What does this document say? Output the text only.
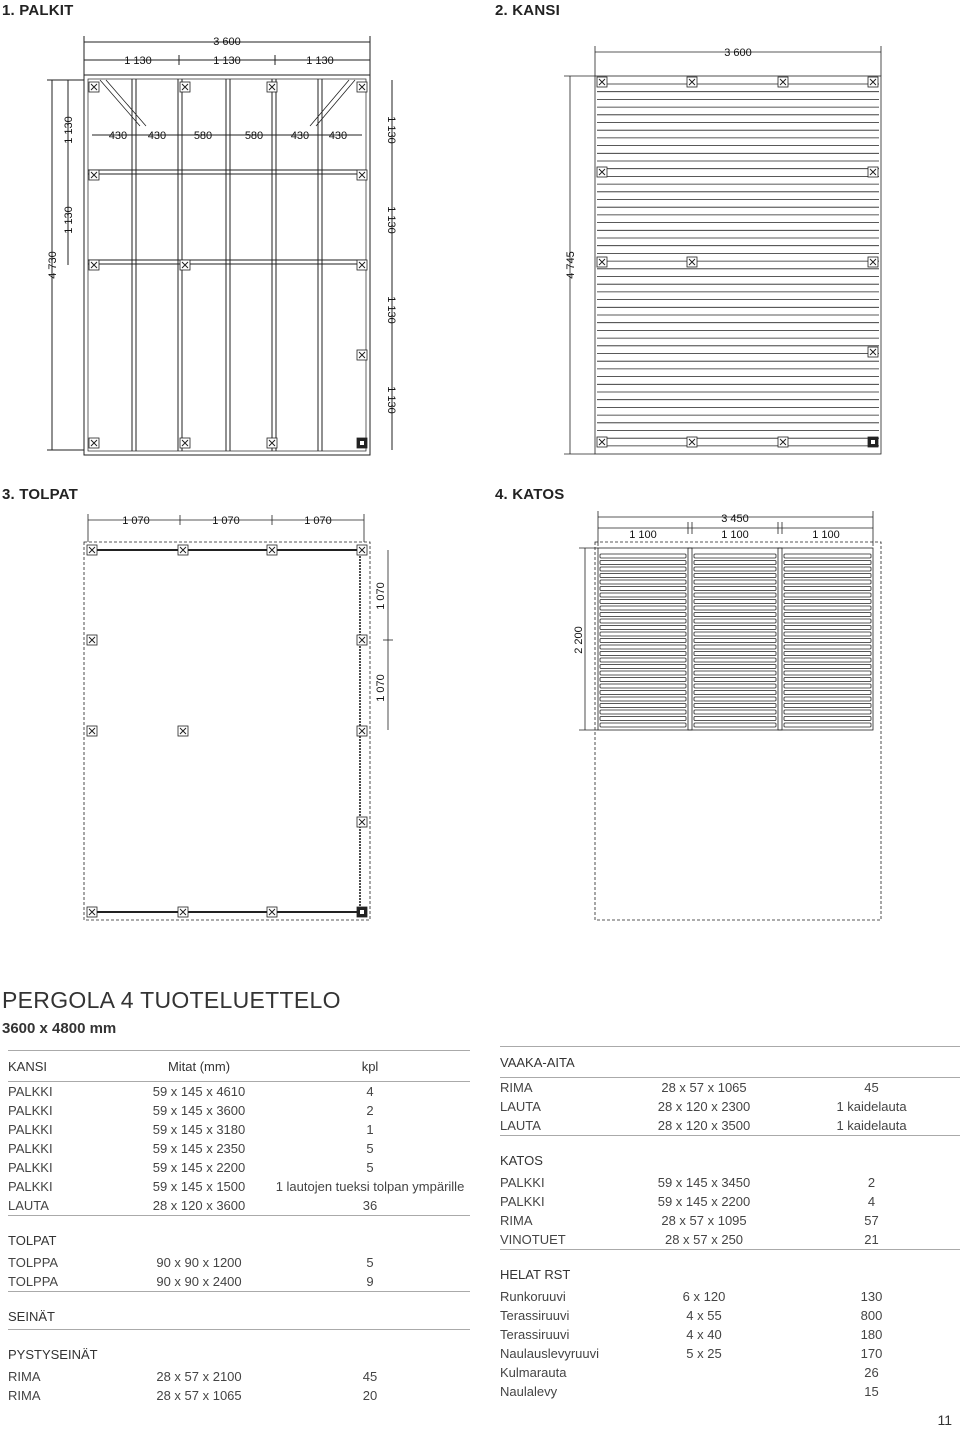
1. PALKIT	2. KANSI
3. TOLPAT	4. KATOS
3 600
1 130	1 130	1 130
430 430	580	580	430 430	1 130
1 130
1 130
1 130
1 130
1 130
4 730
3 600
4 745
1 070	1 070	1 070
1 070
1 070
3 450
1 100	1 100	1 100
2 200
PERGOLA 4 TUOTELUETTELO
3600 x 4800 mm
KANSI	Mitat (mm)	kpl
PALKKI	59 x 145 x 4610	4
PALKKI	59 x 145 x 3600	2
PALKKI	59 x 145 x 3180	1
PALKKI	59 x 145 x 2350	5
PALKKI	59 x 145 x 2200	5
PALKKI	59 x 145 x 1500	1 lautojen tueksi tolpan ympärille
LAUTA	28 x 120 x 3600	36
TOLPAT		
TOLPPA	90 x 90 x 1200	5
TOLPPA	90 x 90 x 2400	9
SEINÄT		
PYSTYSEINÄT		
RIMA	28 x 57 x 2100	45
RIMA	28 x 57 x 1065	20
VAAKA-AITA		
RIMA	28 x 57 x 1065	45
LAUTA	28 x 120 x 2300	1 kaidelauta
LAUTA	28 x 120 x 3500	1 kaidelauta
KATOS		
PALKKI	59 x 145 x 3450	2
PALKKI	59 x 145 x 2200	4
RIMA	28 x 57 x 1095	57
VINOTUET	28 x 57 x 250	21
HELAT RST		
Runkoruuvi	6 x 120	130
Terassiruuvi	4 x 55	800
Terassiruuvi	4 x 40	180
Naulauslevyruuvi	5 x 25	170
Kulmarauta		26
Naulalevy		15
11
